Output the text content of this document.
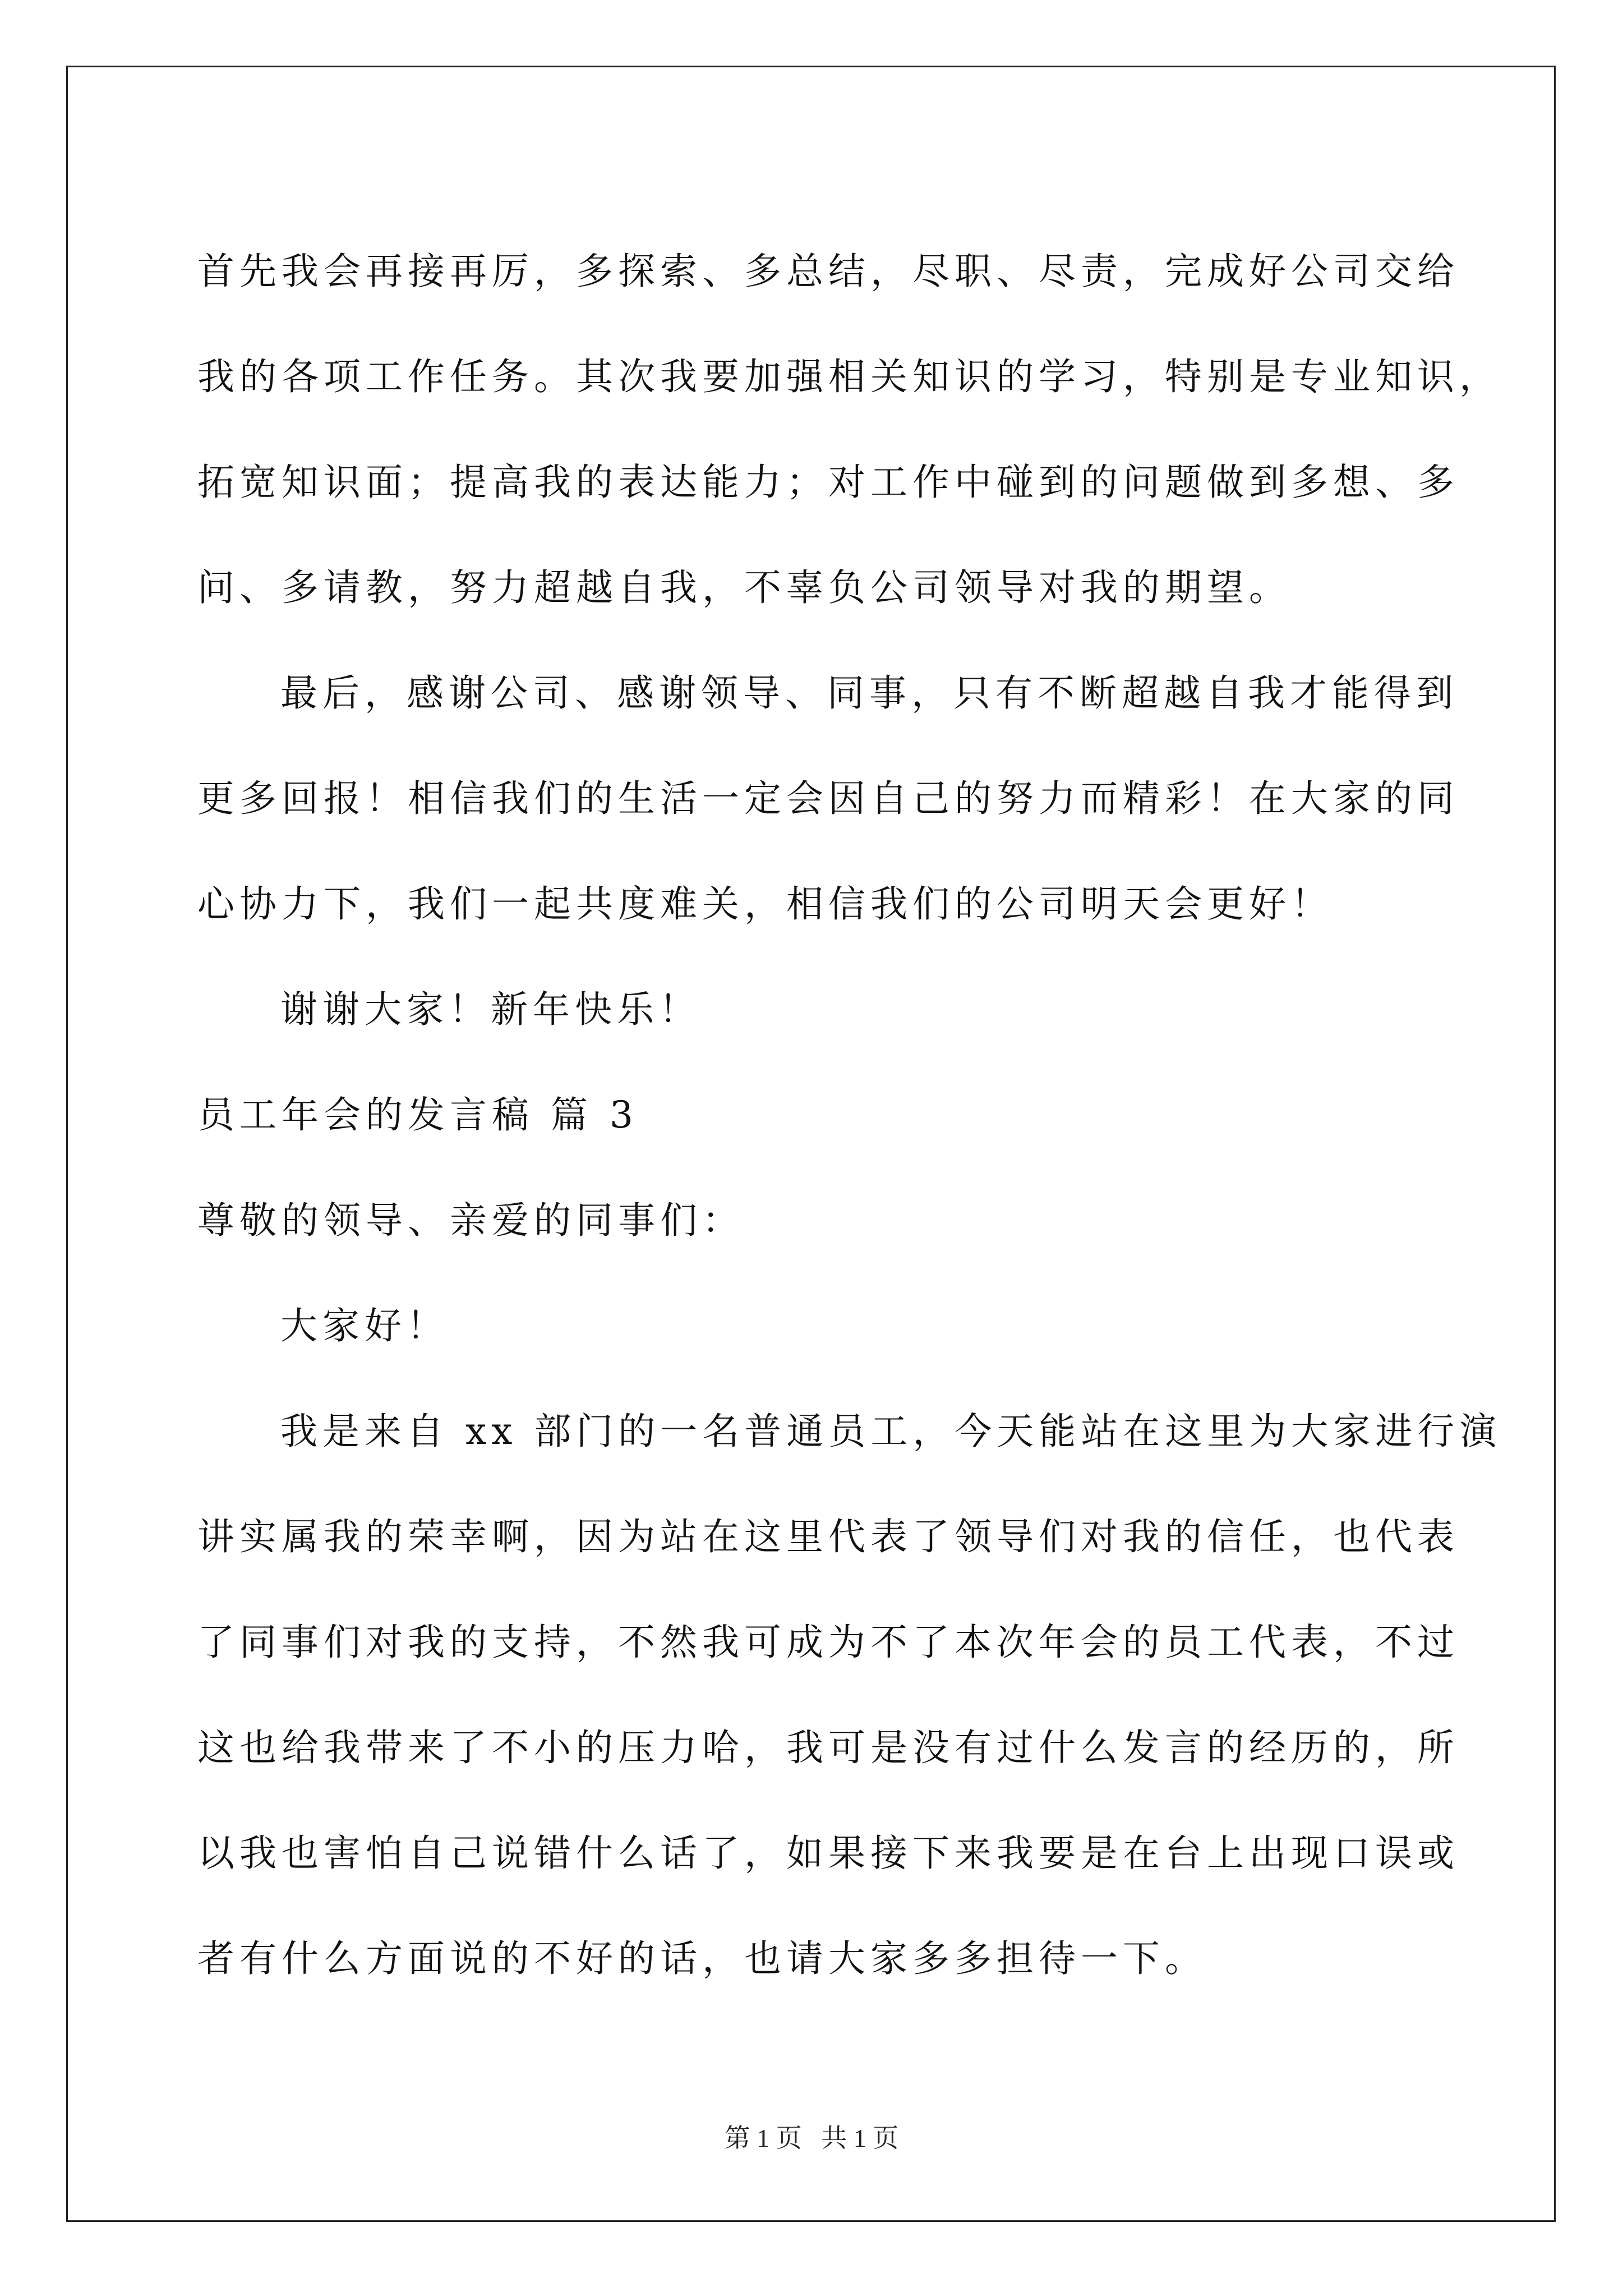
首先我会再接再厉，多探索、多总结，尽职、尽责，完成好公司交给
我的各项工作任务。其次我要加强相关知识的学习，特别是专业知识，
拓宽知识面；提高我的表达能力；对工作中碰到的问题做到多想、多
问、多请教，努力超越自我，不辜负公司领导对我的期望。
最后，感谢公司、感谢领导、同事，只有不断超越自我才能得到
更多回报！相信我们的生活一定会因自己的努力而精彩！在大家的同
心协力下，我们一起共度难关，相信我们的公司明天会更好！
谢谢大家！新年快乐！
员工年会的发言稿 篇 3
尊敬的领导、亲爱的同事们：
大家好！
我是来自 xx 部门的一名普通员工，今天能站在这里为大家进行演
讲实属我的荣幸啊，因为站在这里代表了领导们对我的信任，也代表
了同事们对我的支持，不然我可成为不了本次年会的员工代表，不过
这也给我带来了不小的压力哈，我可是没有过什么发言的经历的，所
以我也害怕自己说错什么话了，如果接下来我要是在台上出现口误或
者有什么方面说的不好的话，也请大家多多担待一下。
第 1 页 共 1 页
